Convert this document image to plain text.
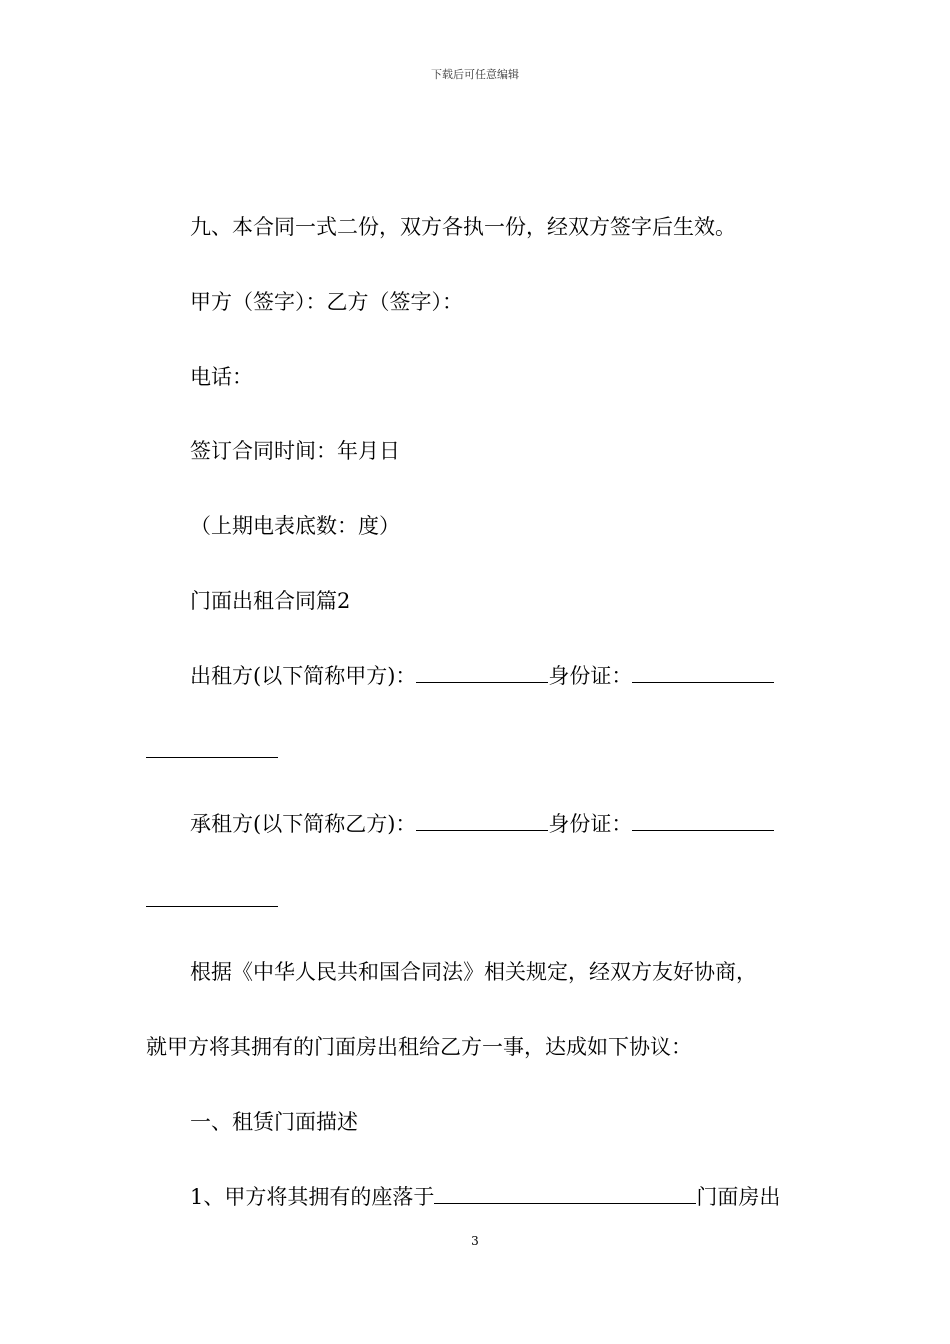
下载后可任意编辑
九、本合同一式二份，双方各执一份，经双方签字后生效。
甲方（签字）：乙方（签字）：
电话：
签订合同时间：年月日
（上期电表底数：度）
门面出租合同篇2
出租方(以下简称甲方)：	身份证：
承租方(以下简称乙方)：	身份证：
根据《中华人民共和国合同法》相关规定，经双方友好协商，
就甲方将其拥有的门面房出租给乙方一事，达成如下协议：
一、租赁门面描述
1、甲方将其拥有的座落于	门面房出
3
